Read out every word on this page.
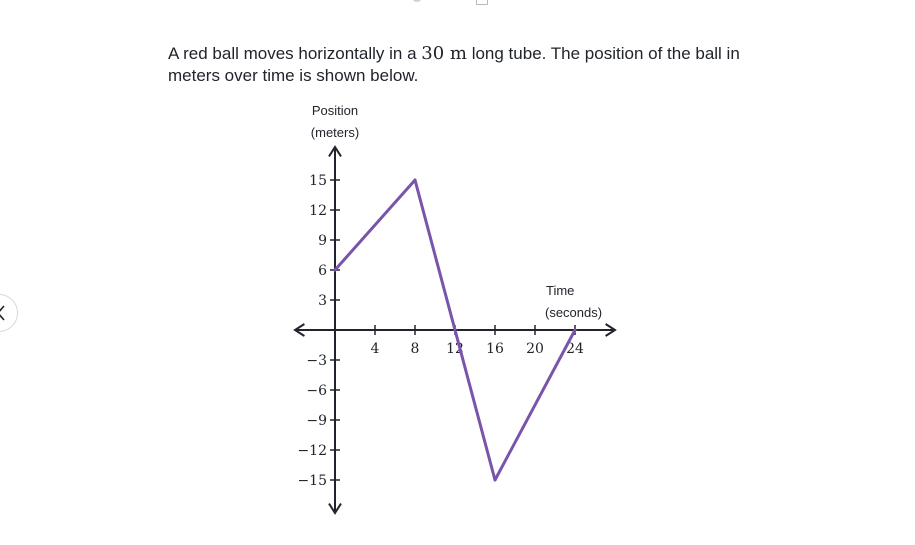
A red ball moves horizontally in a 30 m long tube. The position of the ball in meters over time is shown below.
Position
(meters)
Time
(seconds)
4 8 12 16 20 24
15
12
9
6
3
−3
−6
−9
−12
−15
